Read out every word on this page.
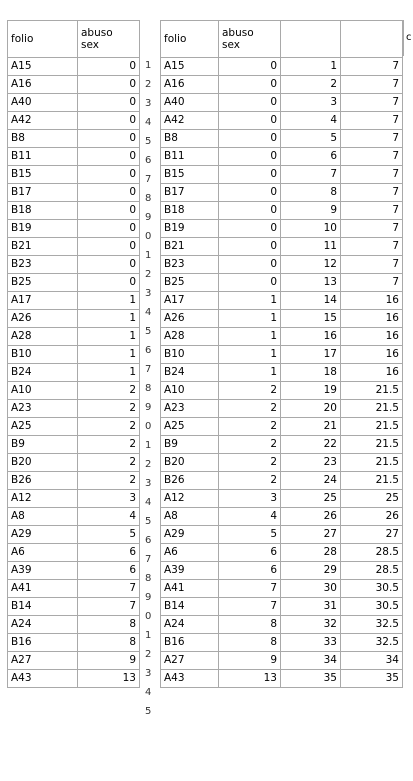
folio	abuso
sex

A15	0
A16	0
A40	0
A42	0
B8	0
B11	0
B15	0
B17	0
B18	0
B19	0
B21	0
B23	0
B25	0
A17	1
A26	1
A28	1
B10	1
B24	1
A10	2
A23	2
A25	2
B9	2
B20	2
B26	2
A12	3
A8	4
A29	5
A6	6
A39	6
A41	7
B14	7
A24	8
B16	8
A27	9
A43	13
1
2
3
4
5
6
7
8
9
0
1
2
3
4
5
6
7
8
9
0
1
2
3
4
5
6
7
8
9
0
1
2
3
4
5
folio	abuso
sex		

A15	0	1	7
A16	0	2	7
A40	0	3	7
A42	0	4	7
B8	0	5	7
B11	0	6	7
B15	0	7	7
B17	0	8	7
B18	0	9	7
B19	0	10	7
B21	0	11	7
B23	0	12	7
B25	0	13	7
A17	1	14	16
A26	1	15	16
A28	1	16	16
B10	1	17	16
B24	1	18	16
A10	2	19	21.5
A23	2	20	21.5
A25	2	21	21.5
B9	2	22	21.5
B20	2	23	21.5
B26	2	24	21.5
A12	3	25	25
A8	4	26	26
A29	5	27	27
A6	6	28	28.5
A39	6	29	28.5
A41	7	30	30.5
B14	7	31	30.5
A24	8	32	32.5
B16	8	33	32.5
A27	9	34	34
A43	13	35	35
c
